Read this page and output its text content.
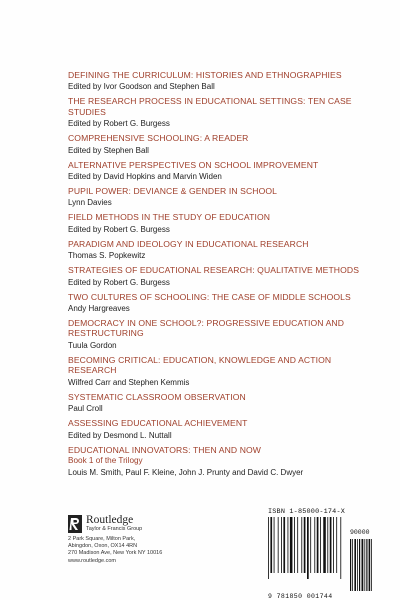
DEFINING THE CURRICULUM: HISTORIES AND ETHNOGRAPHIES
Edited by Ivor Goodson and Stephen Ball
THE RESEARCH PROCESS IN EDUCATIONAL SETTINGS: TEN CASE STUDIES
Edited by Robert G. Burgess
COMPREHENSIVE SCHOOLING: A READER
Edited by Stephen Ball
ALTERNATIVE PERSPECTIVES ON SCHOOL IMPROVEMENT
Edited by David Hopkins and Marvin Widen
PUPIL POWER: DEVIANCE & GENDER IN SCHOOL
Lynn Davies
FIELD METHODS IN THE STUDY OF EDUCATION
Edited by Robert G. Burgess
PARADIGM AND IDEOLOGY IN EDUCATIONAL RESEARCH
Thomas S. Popkewitz
STRATEGIES OF EDUCATIONAL RESEARCH: QUALITATIVE METHODS
Edited by Robert G. Burgess
TWO CULTURES OF SCHOOLING: THE CASE OF MIDDLE SCHOOLS
Andy Hargreaves
DEMOCRACY IN ONE SCHOOL?: PROGRESSIVE EDUCATION AND RESTRUCTURING
Tuula Gordon
BECOMING CRITICAL: EDUCATION, KNOWLEDGE AND ACTION RESEARCH
Wilfred Carr and Stephen Kemmis
SYSTEMATIC CLASSROOM OBSERVATION
Paul Croll
ASSESSING EDUCATIONAL ACHIEVEMENT
Edited by Desmond L. Nuttall
EDUCATIONAL INNOVATORS: THEN AND NOW
Book 1 of the Trilogy
Louis M. Smith, Paul F. Kleine, John J. Prunty and David C. Dwyer
Routledge
Taylor & Francis Group
2 Park Square, Milton Park,
Abingdon, Oxon, OX14 4RN
270 Madison Ave, New York NY 10016
www.routledge.com
ISBN 1-85000-174-X
90000
9 781850 001744
